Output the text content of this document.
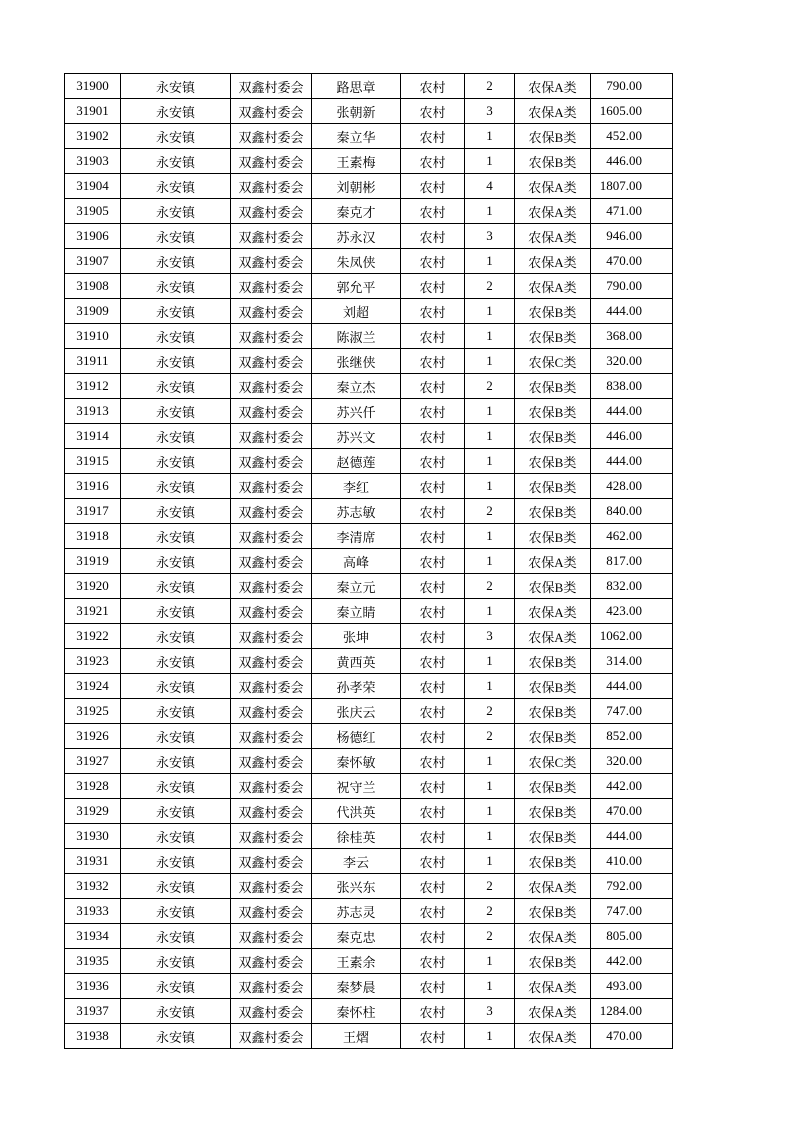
31900	永安镇	双鑫村委会	路思章	农村	2	农保A类	790.00
31901	永安镇	双鑫村委会	张朝新	农村	3	农保A类	1605.00
31902	永安镇	双鑫村委会	秦立华	农村	1	农保B类	452.00
31903	永安镇	双鑫村委会	王素梅	农村	1	农保B类	446.00
31904	永安镇	双鑫村委会	刘朝彬	农村	4	农保A类	1807.00
31905	永安镇	双鑫村委会	秦克才	农村	1	农保A类	471.00
31906	永安镇	双鑫村委会	苏永汉	农村	3	农保A类	946.00
31907	永安镇	双鑫村委会	朱凤侠	农村	1	农保A类	470.00
31908	永安镇	双鑫村委会	郭允平	农村	2	农保A类	790.00
31909	永安镇	双鑫村委会	刘超	农村	1	农保B类	444.00
31910	永安镇	双鑫村委会	陈淑兰	农村	1	农保B类	368.00
31911	永安镇	双鑫村委会	张继侠	农村	1	农保C类	320.00
31912	永安镇	双鑫村委会	秦立杰	农村	2	农保B类	838.00
31913	永安镇	双鑫村委会	苏兴仟	农村	1	农保B类	444.00
31914	永安镇	双鑫村委会	苏兴文	农村	1	农保B类	446.00
31915	永安镇	双鑫村委会	赵德莲	农村	1	农保B类	444.00
31916	永安镇	双鑫村委会	李红	农村	1	农保B类	428.00
31917	永安镇	双鑫村委会	苏志敏	农村	2	农保B类	840.00
31918	永安镇	双鑫村委会	李清席	农村	1	农保B类	462.00
31919	永安镇	双鑫村委会	高峰	农村	1	农保A类	817.00
31920	永安镇	双鑫村委会	秦立元	农村	2	农保B类	832.00
31921	永安镇	双鑫村委会	秦立睛	农村	1	农保A类	423.00
31922	永安镇	双鑫村委会	张坤	农村	3	农保A类	1062.00
31923	永安镇	双鑫村委会	黄西英	农村	1	农保B类	314.00
31924	永安镇	双鑫村委会	孙孝荣	农村	1	农保B类	444.00
31925	永安镇	双鑫村委会	张庆云	农村	2	农保B类	747.00
31926	永安镇	双鑫村委会	杨德红	农村	2	农保B类	852.00
31927	永安镇	双鑫村委会	秦怀敏	农村	1	农保C类	320.00
31928	永安镇	双鑫村委会	祝守兰	农村	1	农保B类	442.00
31929	永安镇	双鑫村委会	代洪英	农村	1	农保B类	470.00
31930	永安镇	双鑫村委会	徐桂英	农村	1	农保B类	444.00
31931	永安镇	双鑫村委会	李云	农村	1	农保B类	410.00
31932	永安镇	双鑫村委会	张兴东	农村	2	农保A类	792.00
31933	永安镇	双鑫村委会	苏志灵	农村	2	农保B类	747.00
31934	永安镇	双鑫村委会	秦克忠	农村	2	农保A类	805.00
31935	永安镇	双鑫村委会	王素余	农村	1	农保B类	442.00
31936	永安镇	双鑫村委会	秦梦晨	农村	1	农保A类	493.00
31937	永安镇	双鑫村委会	秦怀柱	农村	3	农保A类	1284.00
31938	永安镇	双鑫村委会	王熠	农村	1	农保A类	470.00
